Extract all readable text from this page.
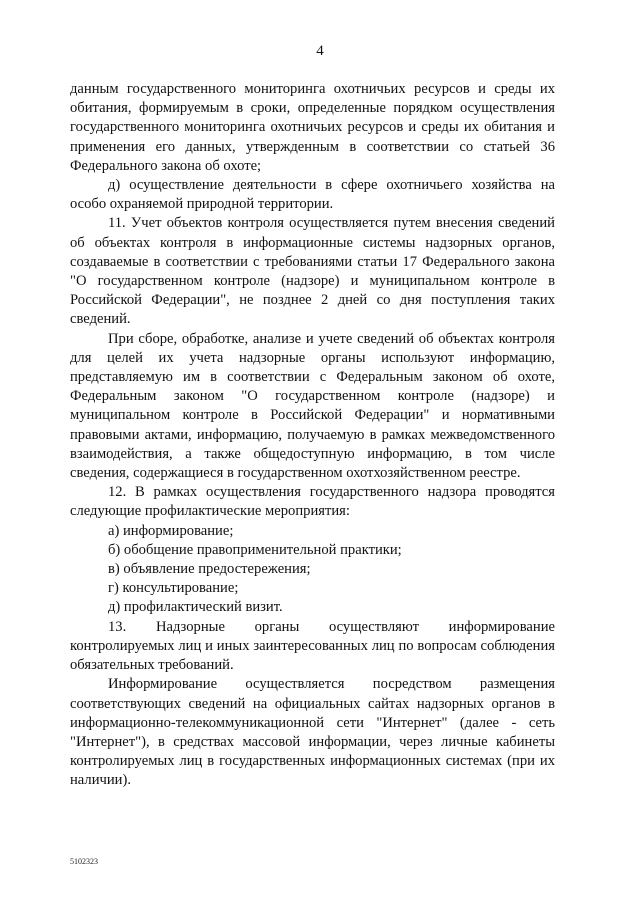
4

данным государственного мониторинга охотничьих ресурсов и среды их обитания, формируемым в сроки, определенные порядком осуществления государственного мониторинга охотничьих ресурсов и среды их обитания и применения его данных, утвержденным в соответствии со статьей 36 Федерального закона об охоте;

д) осуществление деятельности в сфере охотничьего хозяйства на особо охраняемой природной территории.

11. Учет объектов контроля осуществляется путем внесения сведений об объектах контроля в информационные системы надзорных органов, создаваемые в соответствии с требованиями статьи 17 Федерального закона "О государственном контроле (надзоре) и муниципальном контроле в Российской Федерации", не позднее 2 дней со дня поступления таких сведений.

При сборе, обработке, анализе и учете сведений об объектах контроля для целей их учета надзорные органы используют информацию, представляемую им в соответствии с Федеральным законом об охоте, Федеральным законом "О государственном контроле (надзоре) и муниципальном контроле в Российской Федерации" и нормативными правовыми актами, информацию, получаемую в рамках межведомственного взаимодействия, а также общедоступную информацию, в том числе сведения, содержащиеся в государственном охотхозяйственном реестре.

12. В рамках осуществления государственного надзора проводятся следующие профилактические мероприятия:

а) информирование;

б) обобщение правоприменительной практики;

в) объявление предостережения;

г) консультирование;

д) профилактический визит.

13. Надзорные органы осуществляют информирование контролируемых лиц и иных заинтересованных лиц по вопросам соблюдения обязательных требований.

Информирование осуществляется посредством размещения соответствующих сведений на официальных сайтах надзорных органов в информационно-телекоммуникационной сети "Интернет" (далее - сеть "Интернет"), в средствах массовой информации, через личные кабинеты контролируемых лиц в государственных информационных системах (при их наличии).

5102323
